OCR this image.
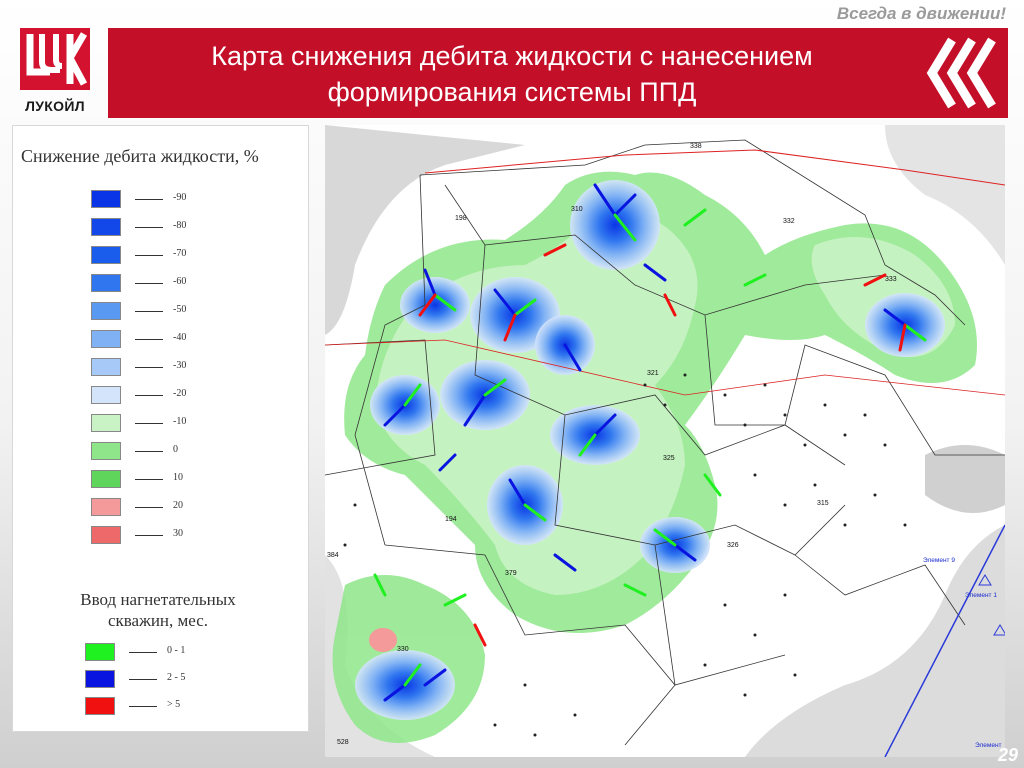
Всегда в движении!
ЛУКОЙЛ
Карта снижения дебита жидкости с нанесением
формирования системы ППД
Снижение дебита жидкости, %
-90
-80
-70
-60
-50
-40
-30
-20
-10
0
10
20
30
Ввод нагнетательных
скважин, мес.
0 - 1
2 - 5
> 5
338
310
198	332
333
321
325
315
194
384
326
379
330
528
Элемент 9
Элемент 1
Элемент
29
